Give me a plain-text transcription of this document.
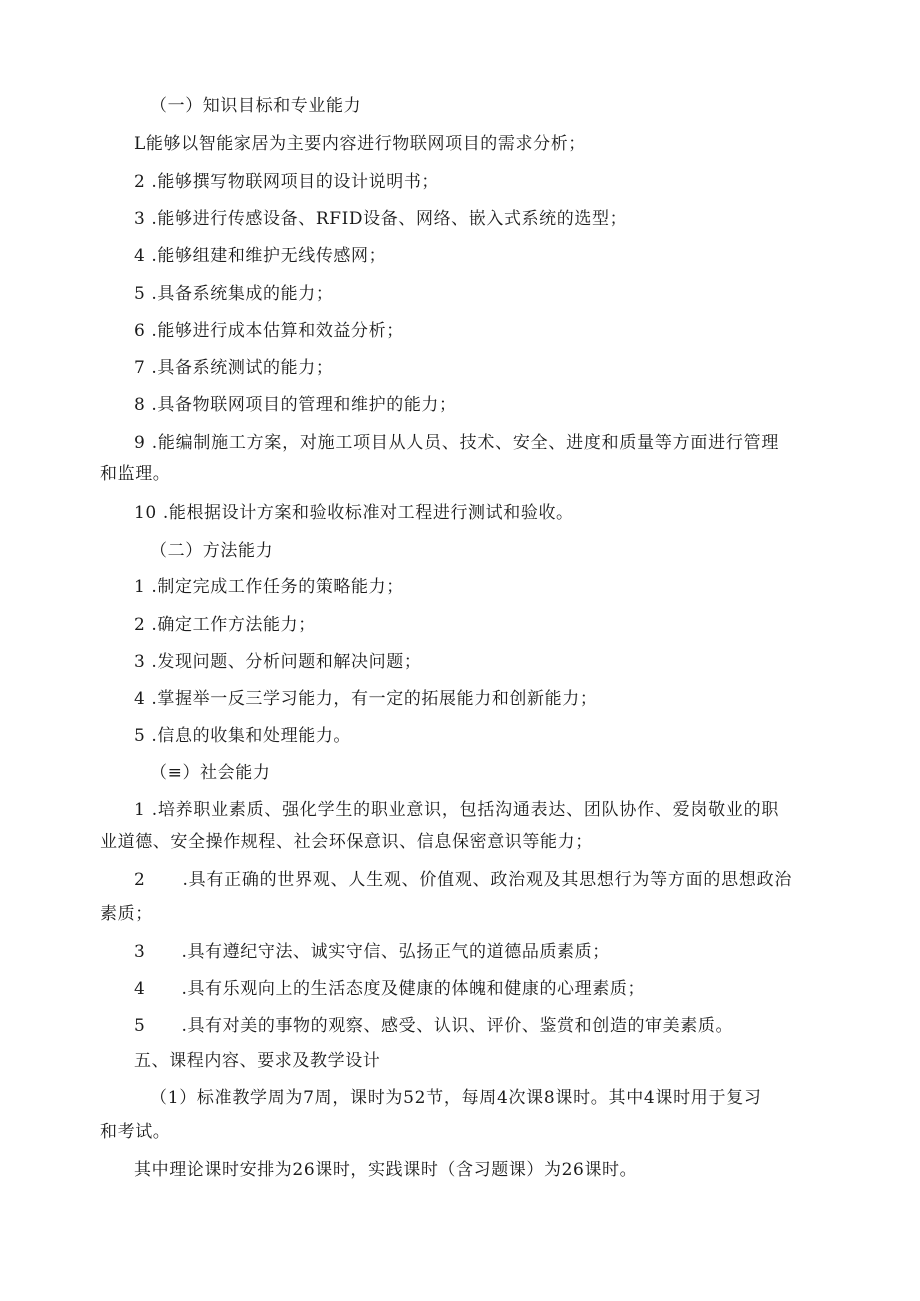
（一）知识目标和专业能力
L能够以智能家居为主要内容进行物联网项目的需求分析；
2 .能够撰写物联网项目的设计说明书；
3 .能够进行传感设备、RFID设备、网络、嵌入式系统的选型；
4 .能够组建和维护无线传感网；
5 .具备系统集成的能力；
6 .能够进行成本估算和效益分析；
7 .具备系统测试的能力；
8 .具备物联网项目的管理和维护的能力；
9 .能编制施工方案，对施工项目从人员、技术、安全、进度和质量等方面进行管理
和监理。
10 .能根据设计方案和验收标准对工程进行测试和验收。
（二）方法能力
1 .制定完成工作任务的策略能力；
2 .确定工作方法能力；
3 .发现问题、分析问题和解决问题；
4 .掌握举一反三学习能力，有一定的拓展能力和创新能力；
5 .信息的收集和处理能力。
（≡）社会能力
1 .培养职业素质、强化学生的职业意识，包括沟通表达、团队协作、爱岗敬业的职
业道德、安全操作规程、社会环保意识、信息保密意识等能力；
2      .具有正确的世界观、人生观、价值观、政治观及其思想行为等方面的思想政治
素质；
3      .具有遵纪守法、诚实守信、弘扬正气的道德品质素质；
4      .具有乐观向上的生活态度及健康的体魄和健康的心理素质；
5      .具有对美的事物的观察、感受、认识、评价、鉴赏和创造的审美素质。
五、课程内容、要求及教学设计
（1）标准教学周为7周，课时为52节，每周4次课8课时。其中4课时用于复习
和考试。
其中理论课时安排为26课时，实践课时（含习题课）为26课时。
